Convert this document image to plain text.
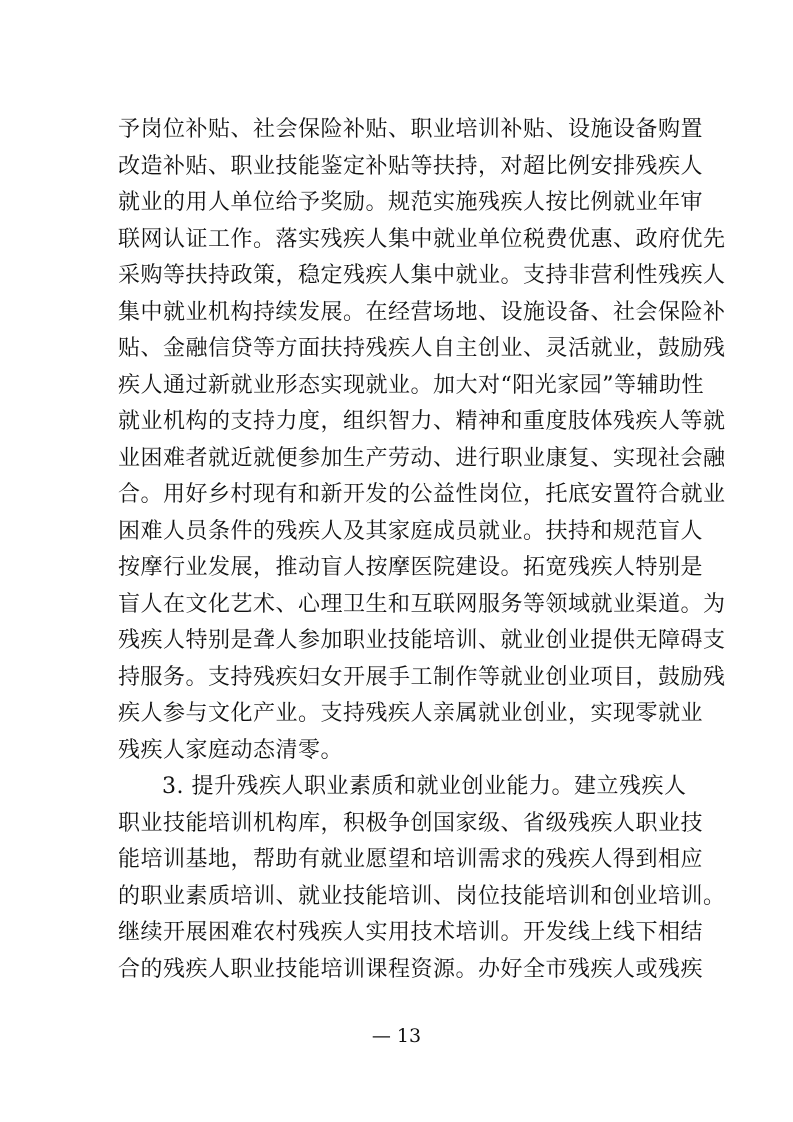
予岗位补贴、社会保险补贴、职业培训补贴、设施设备购置
改造补贴、职业技能鉴定补贴等扶持，对超比例安排残疾人
就业的用人单位给予奖励。规范实施残疾人按比例就业年审
联网认证工作。落实残疾人集中就业单位税费优惠、政府优先
采购等扶持政策，稳定残疾人集中就业。支持非营利性残疾人
集中就业机构持续发展。在经营场地、设施设备、社会保险补
贴、金融信贷等方面扶持残疾人自主创业、灵活就业，鼓励残
疾人通过新就业形态实现就业。加大对“阳光家园”等辅助性
就业机构的支持力度，组织智力、精神和重度肢体残疾人等就
业困难者就近就便参加生产劳动、进行职业康复、实现社会融
合。用好乡村现有和新开发的公益性岗位，托底安置符合就业
困难人员条件的残疾人及其家庭成员就业。扶持和规范盲人
按摩行业发展，推动盲人按摩医院建设。拓宽残疾人特别是
盲人在文化艺术、心理卫生和互联网服务等领域就业渠道。为
残疾人特别是聋人参加职业技能培训、就业创业提供无障碍支
持服务。支持残疾妇女开展手工制作等就业创业项目，鼓励残
疾人参与文化产业。支持残疾人亲属就业创业，实现零就业
残疾人家庭动态清零。
3. 提升残疾人职业素质和就业创业能力。建立残疾人
职业技能培训机构库，积极争创国家级、省级残疾人职业技
能培训基地，帮助有就业愿望和培训需求的残疾人得到相应
的职业素质培训、就业技能培训、岗位技能培训和创业培训。
继续开展困难农村残疾人实用技术培训。开发线上线下相结
合的残疾人职业技能培训课程资源。办好全市残疾人或残疾
— 13
